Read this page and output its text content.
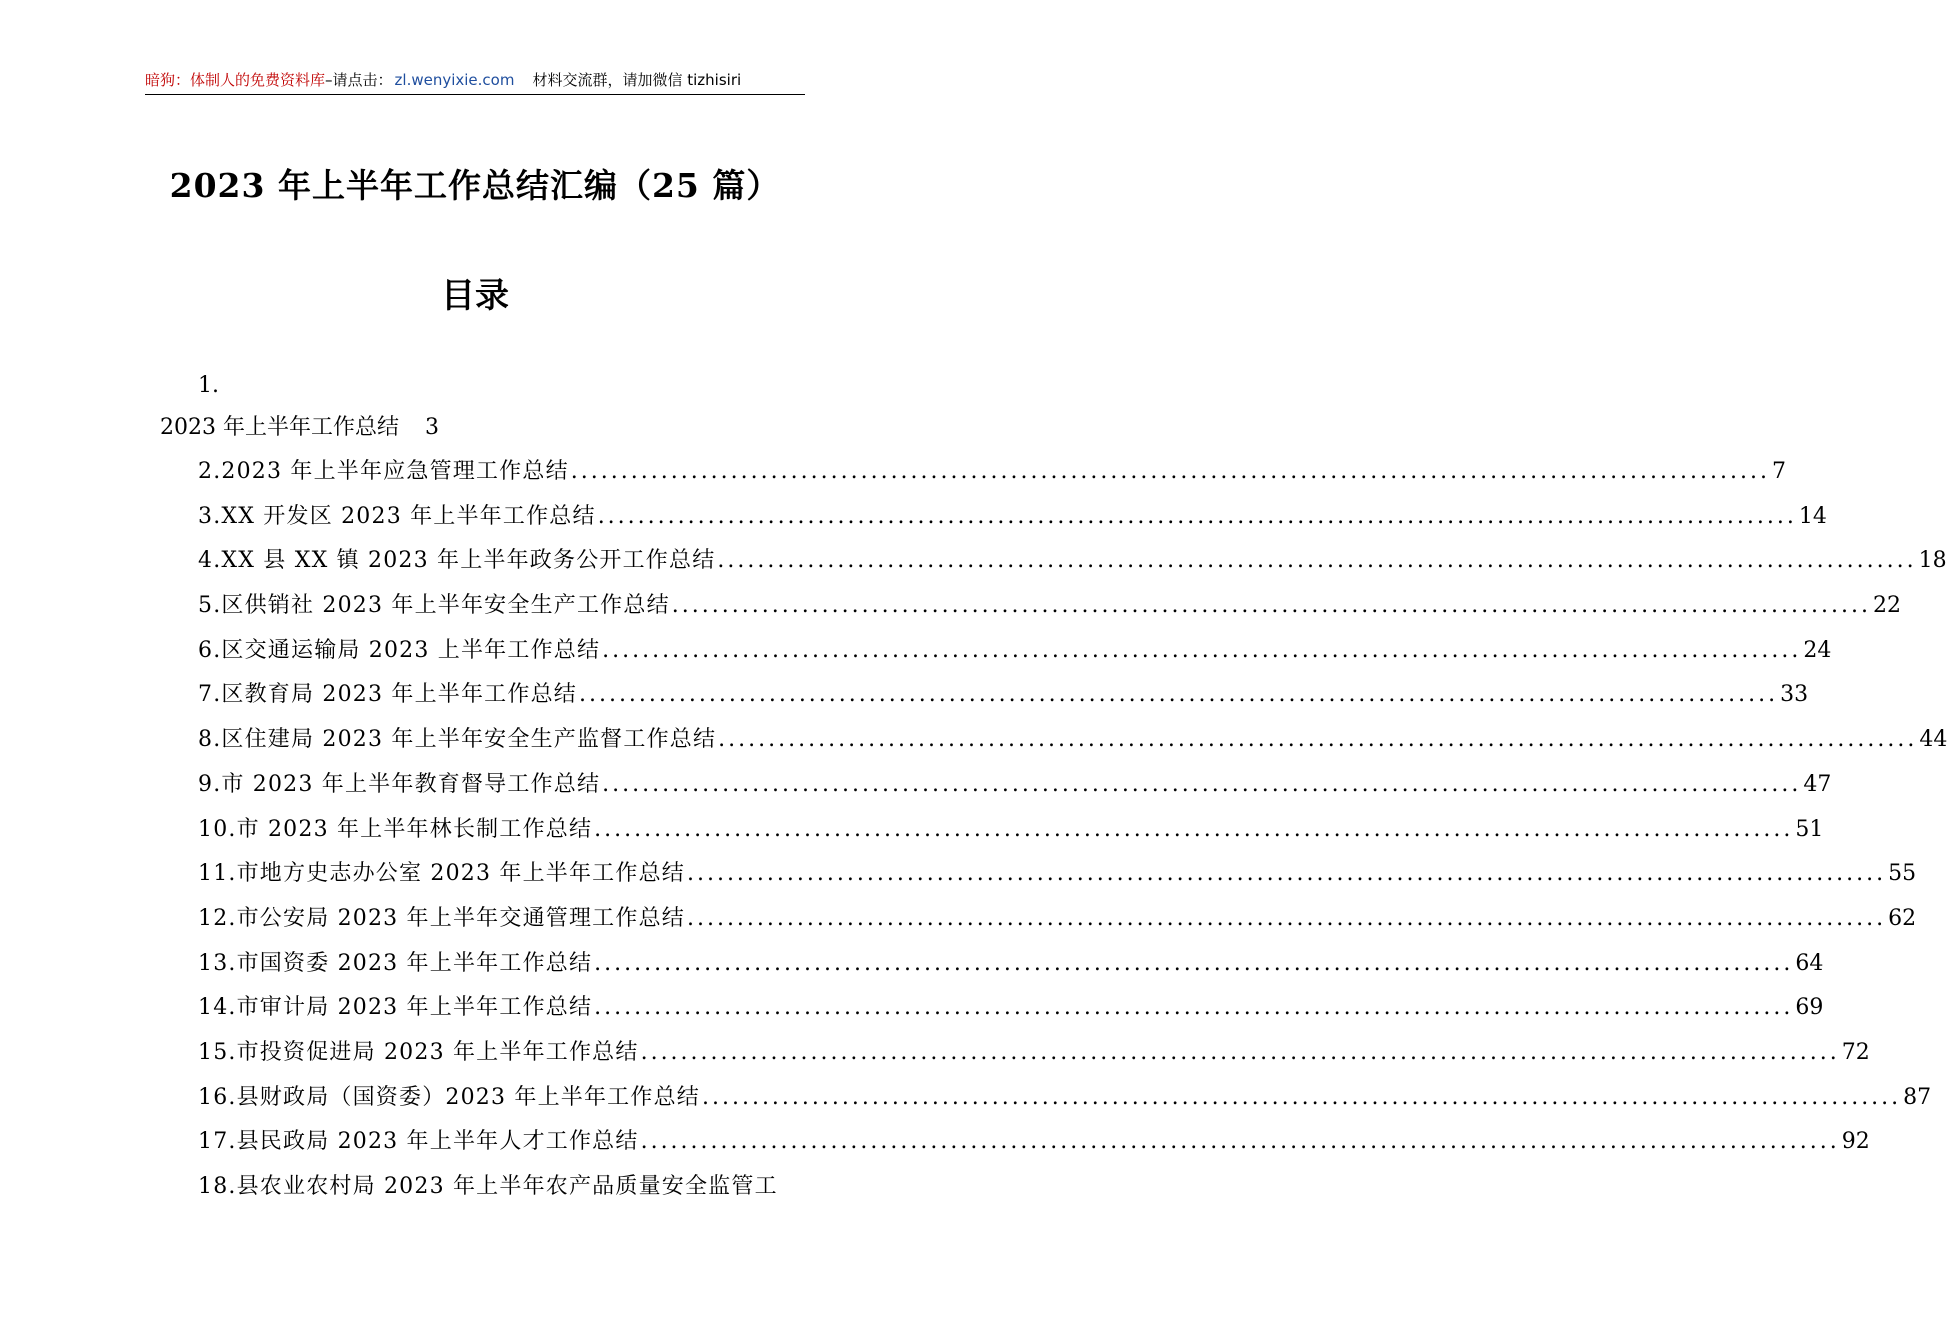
暗狗：体制人的免费资料库 –请点击： zl.wenyixie.com 材料交流群，请加微信 tizhisiri
2023 年上半年工作总结汇编（25 篇）
目录
1.
2023 年上半年工作总结 3
2.2023 年上半年应急管理工作总结 ........................................................................................................................ 7
3.XX 开发区 2023 年上半年工作总结 ........................................................................................................................ 14
4.XX 县 XX 镇 2023 年上半年政务公开工作总结 ........................................................................................................................ 18
5.区供销社 2023 年上半年安全生产工作总结 ........................................................................................................................ 22
6.区交通运输局 2023 上半年工作总结 ........................................................................................................................ 24
7.区教育局 2023 年上半年工作总结 ........................................................................................................................ 33
8.区住建局 2023 年上半年安全生产监督工作总结 ........................................................................................................................ 44
9.市 2023 年上半年教育督导工作总结 ........................................................................................................................ 47
10.市 2023 年上半年林长制工作总结 ........................................................................................................................ 51
11.市地方史志办公室 2023 年上半年工作总结 ........................................................................................................................ 55
12.市公安局 2023 年上半年交通管理工作总结 ........................................................................................................................ 62
13.市国资委 2023 年上半年工作总结 ........................................................................................................................ 64
14.市审计局 2023 年上半年工作总结 ........................................................................................................................ 69
15.市投资促进局 2023 年上半年工作总结 ........................................................................................................................ 72
16.县财政局（国资委）2023 年上半年工作总结 ........................................................................................................................ 87
17.县民政局 2023 年上半年人才工作总结 ........................................................................................................................ 92
18.县农业农村局 2023 年上半年农产品质量安全监管工
